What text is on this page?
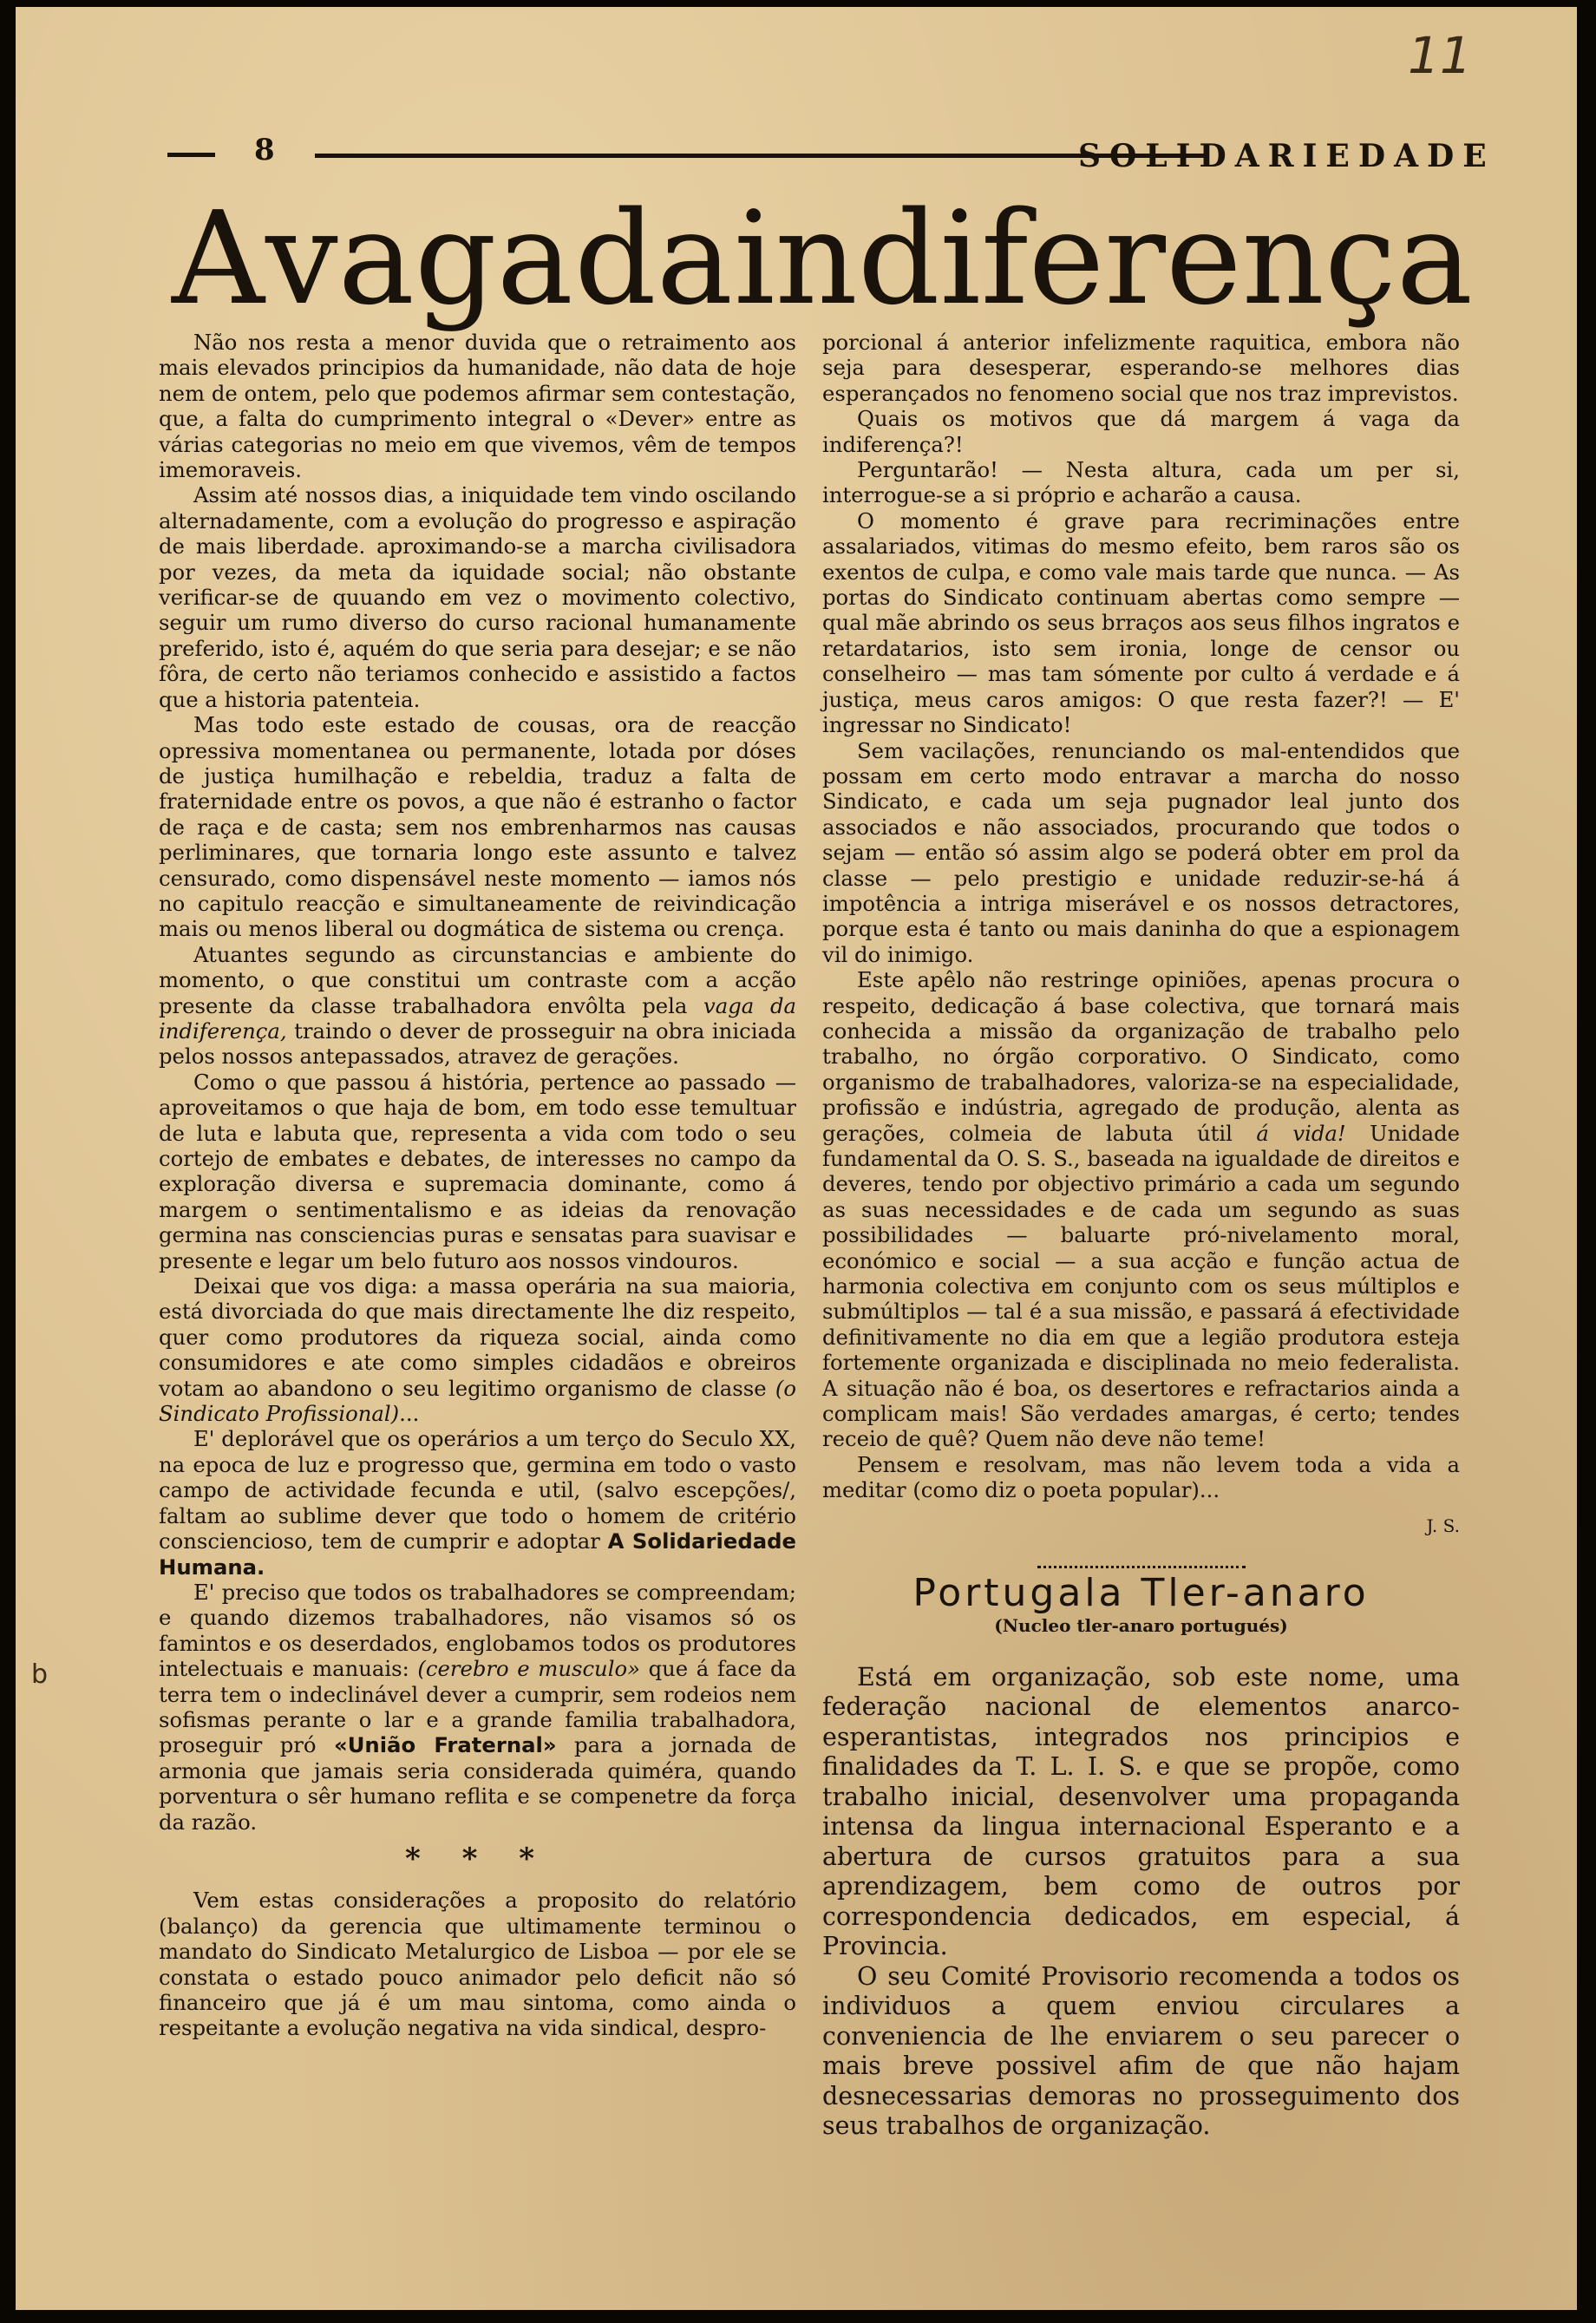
11
b
8	SOLIDARIEDADE
A vaga da indiferença

Não nos resta a menor duvida que o retraimento aos mais elevados principios da humanidade, não data de hoje nem de ontem, pelo que podemos afirmar sem contestação, que, a falta do cumprimento integral o «Dever» entre as várias categorias no meio em que vivemos, vêm de tempos imemoraveis.

Assim até nossos dias, a iniquidade tem vindo oscilando alternadamente, com a evolução do progresso e aspiração de mais liberdade. aproximando-se a marcha civilisadora por vezes, da meta da iquidade social; não obstante verificar-se de quuando em vez o movimento colectivo, seguir um rumo diverso do curso racional humanamente preferido, isto é, aquém do que seria para desejar; e se não fôra, de certo não teriamos conhecido e assistido a factos que a historia patenteia.

Mas todo este estado de cousas, ora de reacção opressiva momentanea ou permanente, lotada por dóses de justiça humilhação e rebeldia, traduz a falta de fraternidade entre os povos, a que não é estranho o factor de raça e de casta; sem nos embrenharmos nas causas perliminares, que tornaria longo este assunto e talvez censurado, como dispensável neste momento — iamos nós no capitulo reacção e simultaneamente de reivindicação mais ou menos liberal ou dogmática de sistema ou crença.

Atuantes segundo as circunstancias e ambiente do momento, o que constitui um contraste com a acção presente da classe trabalhadora envôlta pela vaga da indiferença, traindo o dever de prosseguir na obra iniciada pelos nossos antepassados, atravez de gerações.

Como o que passou á história, pertence ao passado — aproveitamos o que haja de bom, em todo esse temultuar de luta e labuta que, representa a vida com todo o seu cortejo de embates e debates, de interesses no campo da exploração diversa e supremacia dominante, como á margem o sentimentalismo e as ideias da renovação germina nas consciencias puras e sensatas para suavisar e presente e legar um belo futuro aos nossos vindouros.

Deixai que vos diga: a massa operária na sua maioria, está divorciada do que mais directamente lhe diz respeito, quer como produtores da riqueza social, ainda como consumidores e ate como simples cidadãos e obreiros votam ao abandono o seu legitimo organismo de classe (o Sindicato Profissional)...

E' deplorável que os operários a um terço do Seculo XX, na epoca de luz e progresso que, germina em todo o vasto campo de actividade fecunda e util, (salvo escepções/, faltam ao sublime dever que todo o homem de critério consciencioso, tem de cumprir e adoptar A Solidariedade Humana.

E' preciso que todos os trabalhadores se compreendam; e quando dizemos trabalhadores, não visamos só os famintos e os deserdados, englobamos todos os produtores intelectuais e manuais: (cerebro e musculo» que á face da terra tem o indeclinável dever a cumprir, sem rodeios nem sofismas perante o lar e a grande familia trabalhadora, proseguir pró «União Fraternal» para a jornada de armonia que jamais seria considerada quiméra, quando porventura o sêr humano reflita e se compenetre da força da razão.

* * *

Vem estas considerações a proposito do relatório (balanço) da gerencia que ultimamente terminou o mandato do Sindicato Metalurgico de Lisboa — por ele se constata o estado pouco animador pelo deficit não só financeiro que já é um mau sintoma, como ainda o respeitante a evolução negativa na vida sindical, despro-

porcional á anterior infelizmente raquitica, embora não seja para desesperar, esperando-se melhores dias esperançados no fenomeno social que nos traz imprevistos.

Quais os motivos que dá margem á vaga da indiferença?!

Perguntarão! — Nesta altura, cada um per si, interrogue-se a si próprio e acharão a causa.

O momento é grave para recriminações entre assalariados, vitimas do mesmo efeito, bem raros são os exentos de culpa, e como vale mais tarde que nunca. — As portas do Sindicato continuam abertas como sempre — qual mãe abrindo os seus brraços aos seus filhos ingratos e retardatarios, isto sem ironia, longe de censor ou conselheiro — mas tam sómente por culto á verdade e á justiça, meus caros amigos: O que resta fazer?! — E' ingressar no Sindicato!

Sem vacilações, renunciando os mal-entendidos que possam em certo modo entravar a marcha do nosso Sindicato, e cada um seja pugnador leal junto dos associados e não associados, procurando que todos o sejam — então só assim algo se poderá obter em prol da classe — pelo prestigio e unidade reduzir-se-há á impotência a intriga miserável e os nossos detractores, porque esta é tanto ou mais daninha do que a espionagem vil do inimigo.

Este apêlo não restringe opiniões, apenas procura o respeito, dedicação á base colectiva, que tornará mais conhecida a missão da organização de trabalho pelo trabalho, no órgão corporativo. O Sindicato, como organismo de trabalhadores, valoriza-se na especialidade, profissão e indústria, agregado de produção, alenta as gerações, colmeia de labuta útil á vida! Unidade fundamental da O. S. S., baseada na igualdade de direitos e deveres, tendo por objectivo primário a cada um segundo as suas necessidades e de cada um segundo as suas possibilidades — baluarte pró-nivelamento moral, económico e social — a sua acção e função actua de harmonia colectiva em conjunto com os seus múltiplos e submúltiplos — tal é a sua missão, e passará á efectividade definitivamente no dia em que a legião produtora esteja fortemente organizada e disciplinada no meio federalista. A situação não é boa, os desertores e refractarios ainda a complicam mais! São verdades amargas, é certo; tendes receio de quê? Quem não deve não teme!

Pensem e resolvam, mas não levem toda a vida a meditar (como diz o poeta popular)...

J. S.
Portugala Tler-anaro
(Nucleo tler-anaro portugués)

Está em organização, sob este nome, uma federação nacional de elementos anarco-esperantistas, integrados nos principios e finalidades da T. L. I. S. e que se propõe, como trabalho inicial, desenvolver uma propaganda intensa da lingua internacional Esperanto e a abertura de cursos gratuitos para a sua aprendizagem, bem como de outros por correspondencia dedicados, em especial, á Provincia.

O seu Comité Provisorio recomenda a todos os individuos a quem enviou circulares a conveniencia de lhe enviarem o seu parecer o mais breve possivel afim de que não hajam desnecessarias demoras no prosseguimento dos seus trabalhos de organização.
